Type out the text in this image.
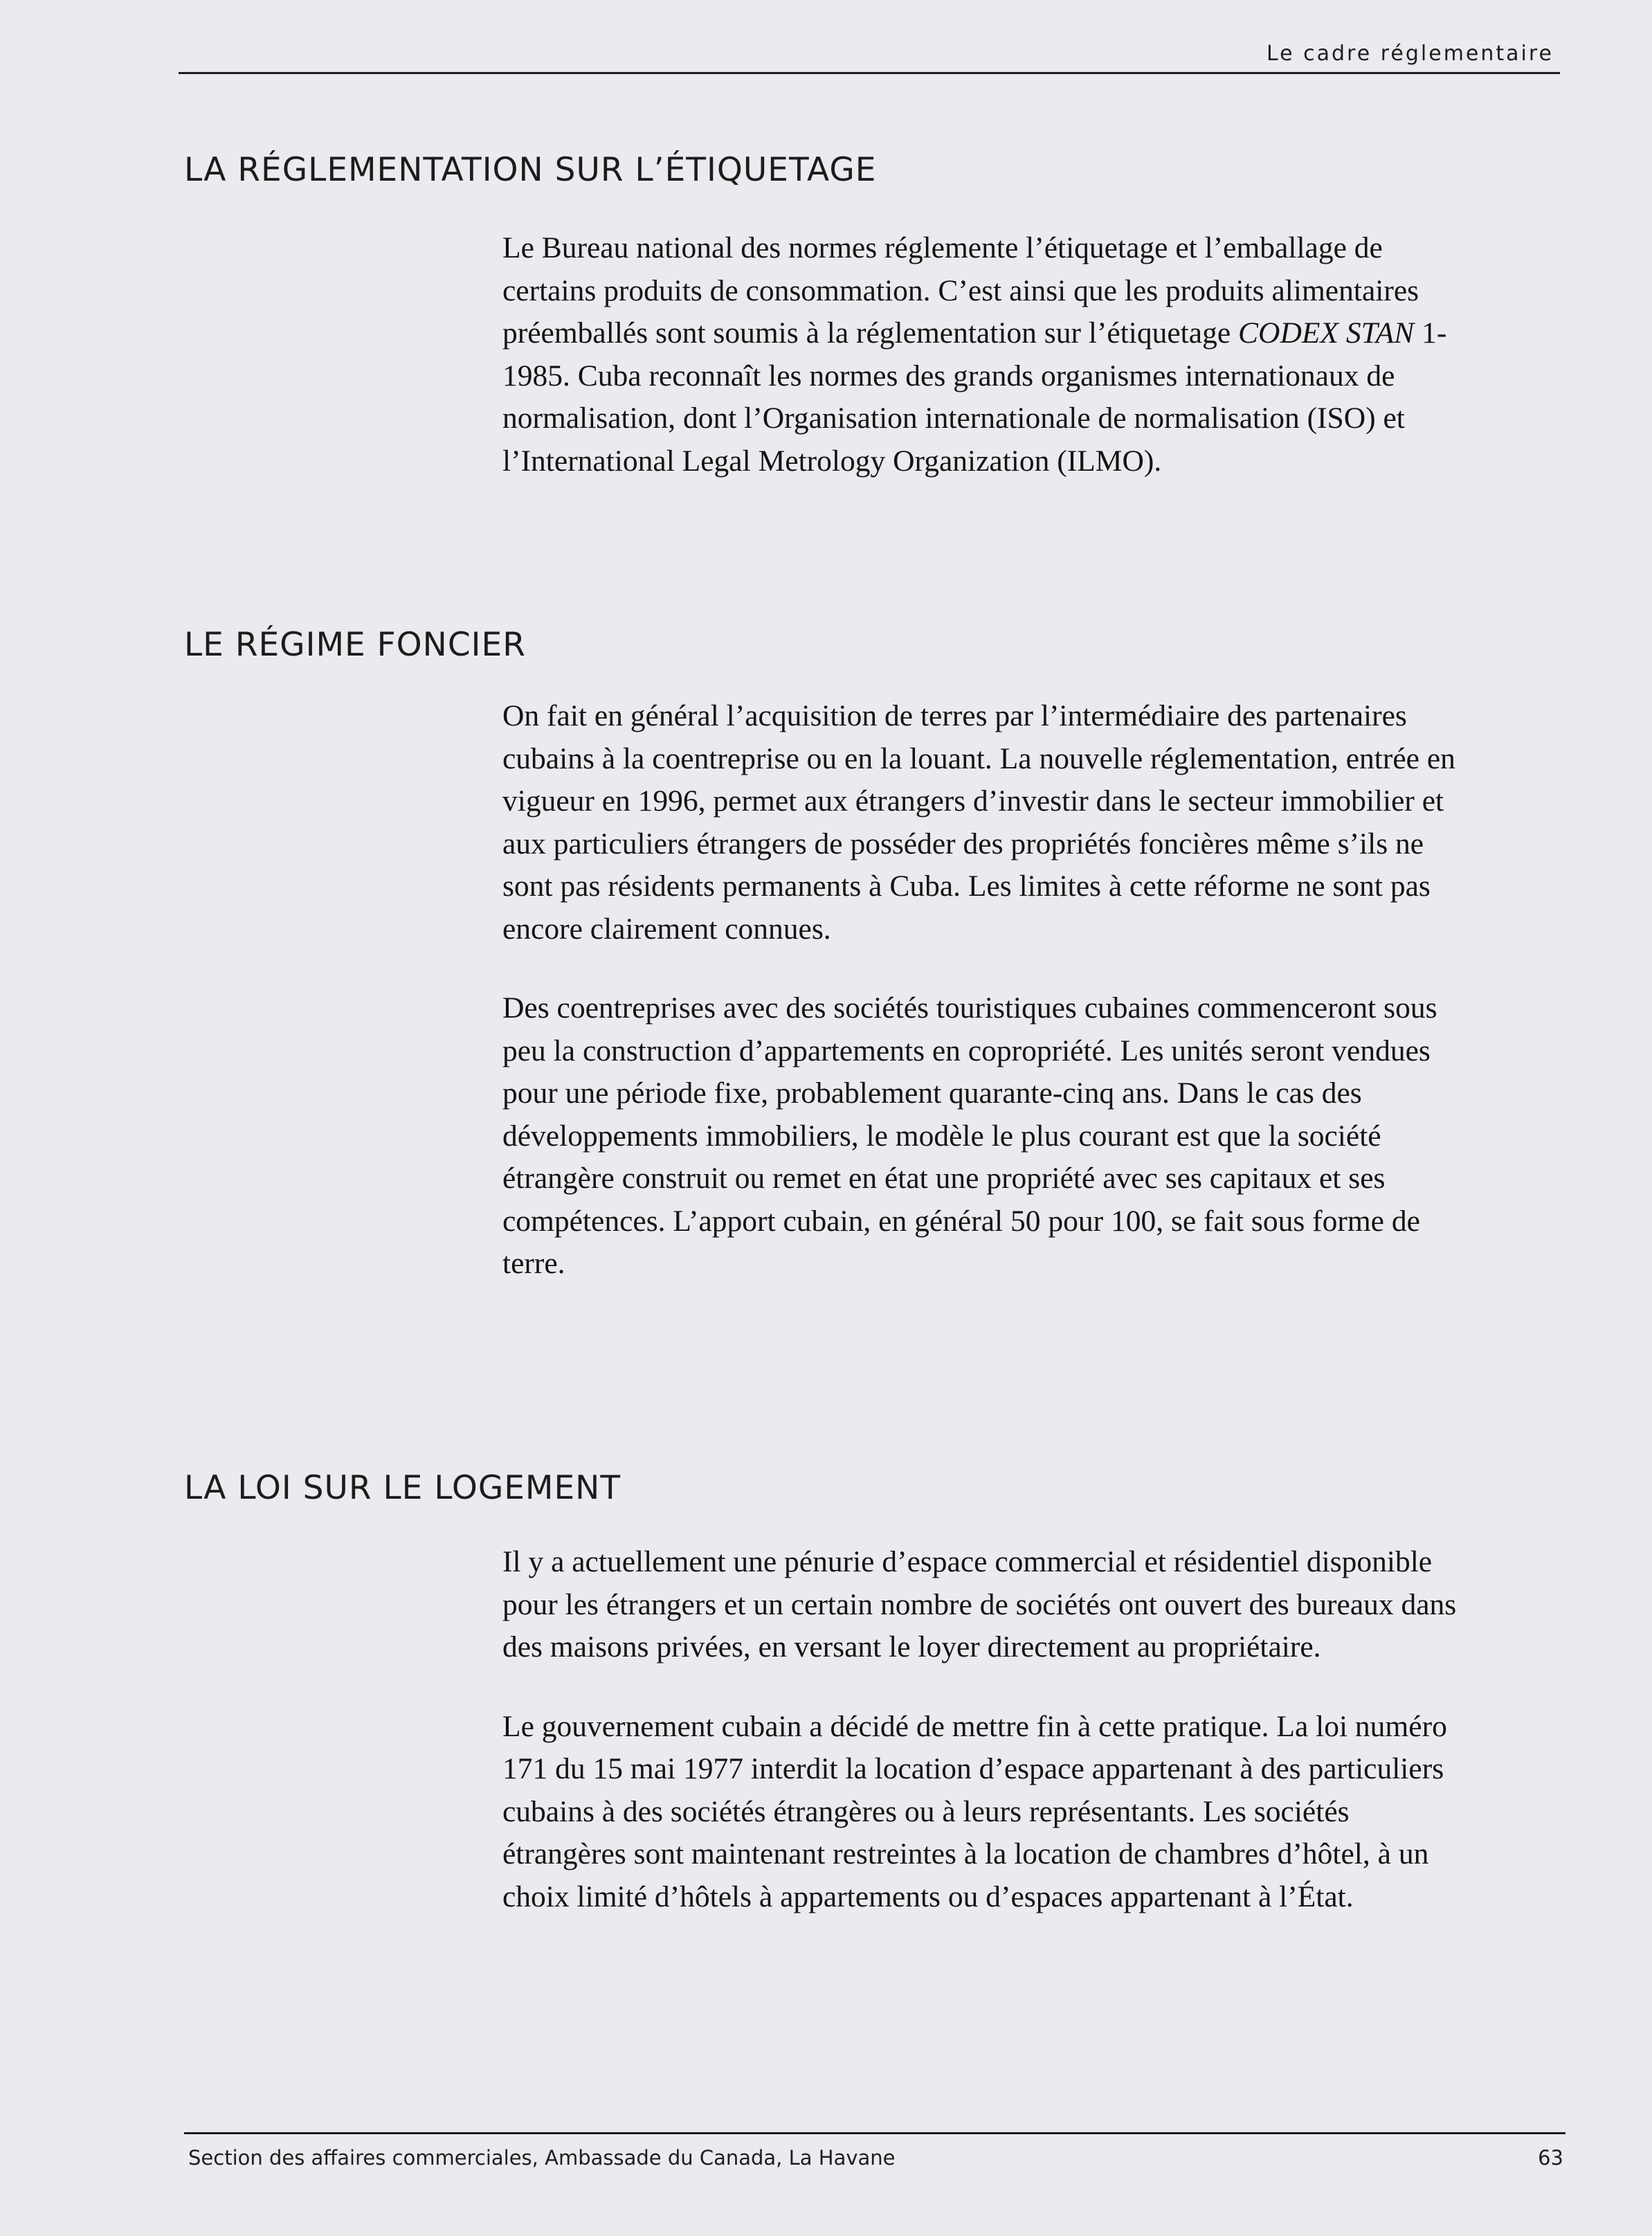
Le cadre réglementaire
LA RÉGLEMENTATION SUR L’ÉTIQUETAGE

Le Bureau national des normes réglemente l’étiquetage et l’emballage de certains produits de consommation. C’est ainsi que les produits alimentaires préemballés sont soumis à la réglementation sur l’étiquetage CODEX STAN 1-1985. Cuba reconnaît les normes des grands organismes internationaux de normalisation, dont l’Organisation internationale de normalisation (ISO) et l’International Legal Metrology Organization (ILMO).

LE RÉGIME FONCIER

On fait en général l’acquisition de terres par l’intermédiaire des partenaires cubains à la coentreprise ou en la louant. La nouvelle réglementation, entrée en vigueur en 1996, permet aux étrangers d’investir dans le secteur immobilier et aux particuliers étrangers de posséder des propriétés foncières même s’ils ne sont pas résidents permanents à Cuba. Les limites à cette réforme ne sont pas encore clairement connues.

Des coentreprises avec des sociétés touristiques cubaines commenceront sous peu la construction d’appartements en copropriété. Les unités seront vendues pour une période fixe, probablement quarante-cinq ans. Dans le cas des développements immobiliers, le modèle le plus courant est que la société étrangère construit ou remet en état une propriété avec ses capitaux et ses compétences. L’apport cubain, en général 50 pour 100, se fait sous forme de terre.

LA LOI SUR LE LOGEMENT

Il y a actuellement une pénurie d’espace commercial et résidentiel disponible pour les étrangers et un certain nombre de sociétés ont ouvert des bureaux dans des maisons privées, en versant le loyer directement au propriétaire.

Le gouvernement cubain a décidé de mettre fin à cette pratique. La loi numéro 171 du 15 mai 1977 interdit la location d’espace appartenant à des particuliers cubains à des sociétés étrangères ou à leurs représentants. Les sociétés étrangères sont maintenant restreintes à la location de chambres d’hôtel, à un choix limité d’hôtels à appartements ou d’espaces appartenant à l’État.

Section des affaires commerciales, Ambassade du Canada, La Havane	63
